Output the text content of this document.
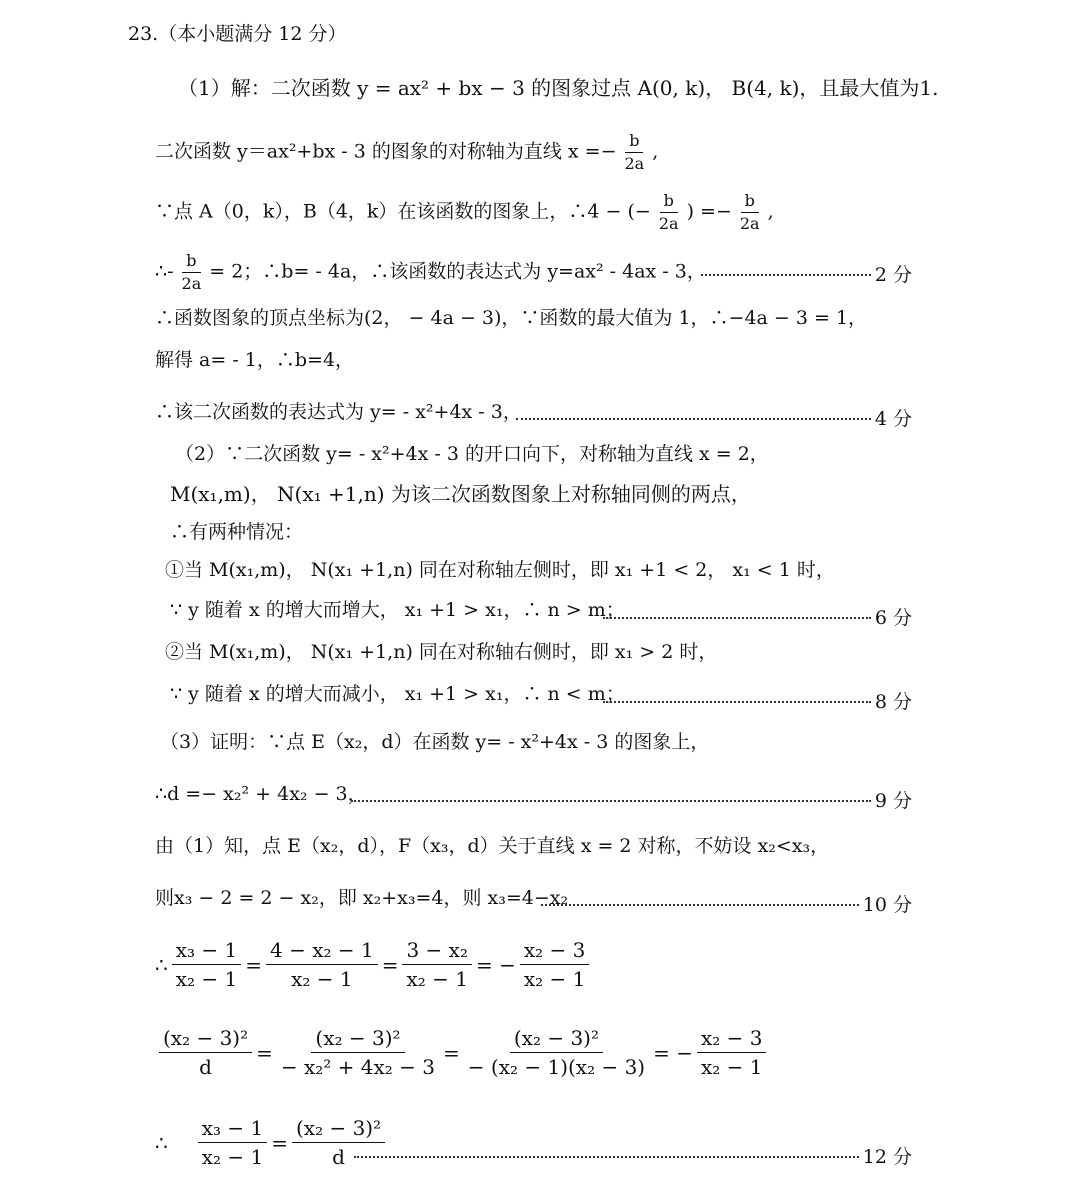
23.（本小题满分 12 分）
（1）解：二次函数 y = ax² + bx − 3 的图象过点 A(0, k)， B(4, k)，且最大值为1.
二次函数 y＝ax²+bx - 3 的图象的对称轴为直线 $x =- \frac{b}{2a}$ ,
∵点 A（0，k），B（4，k）在该函数的图象上，∴4 − (− $\frac{b}{2a}$ ) =− $\frac{b}{2a}$ ,
∴- $\frac{b}{2a} = 2$；∴b= - 4a，∴该函数的表达式为 y=ax² - 4ax - 3，	2 分
∴函数图象的顶点坐标为(2， − 4a − 3)，∵函数的最大值为 1，∴−4a − 3 = 1，
解得 a= - 1，∴b=4，
∴该二次函数的表达式为 y= - x²+4x - 3，	4 分
（2）∵二次函数 y= - x²+4x - 3 的开口向下，对称轴为直线 x = 2，
M(x₁,m)， N(x₁ +1,n) 为该二次函数图象上对称轴同侧的两点，
∴有两种情况：
①当 M(x₁,m)， N(x₁ +1,n) 同在对称轴左侧时，即 x₁ +1 < 2， x₁ < 1 时，
∵ y 随着 x 的增大而增大， x₁ +1 > x₁，∴ n > m；	6 分
②当 M(x₁,m)， N(x₁ +1,n) 同在对称轴右侧时，即 x₁ > 2 时，
∵ y 随着 x 的增大而减小， x₁ +1 > x₁，∴ n < m；	8 分
（3）证明：∵点 E（x₂，d）在函数 y= - x²+4x - 3 的图象上，
∴d =− x₂² + 4x₂ − 3，	9 分
由（1）知，点 E（x₂，d），F（x₃，d）关于直线 x = 2 对称，不妨设 x₂<x₃，
则x₃ − 2 = 2 − x₂，即 x₂+x₃=4，则 x₃=4−x₂	10 分
∴ $\frac{\text{x₃ − 1}}{\text{x₂ − 1}} = \frac{\text{4 − x₂ − 1}}{\text{x₂ − 1}} = \frac{\text{3 − x₂}}{\text{x₂ − 1}}$ = − $\frac{\text{x₂ − 3}}{\text{x₂ − 1}}$
$\frac{\text{(x₂ − 3)²}}{d} = \frac{\text{(x₂ − 3)²}}{\text{− x₂² + 4x₂ − 3}} = \frac{\text{(x₂ − 3)²}}{\text{− (x₂ − 1)(x₂ − 3)}}$ = − $\frac{\text{x₂ − 3}}{\text{x₂ − 1}}$
∴ $\frac{\text{x₃ − 1}}{\text{x₂ − 1}} = \frac{\text{(x₂ − 3)²}}{d}$	12 分
